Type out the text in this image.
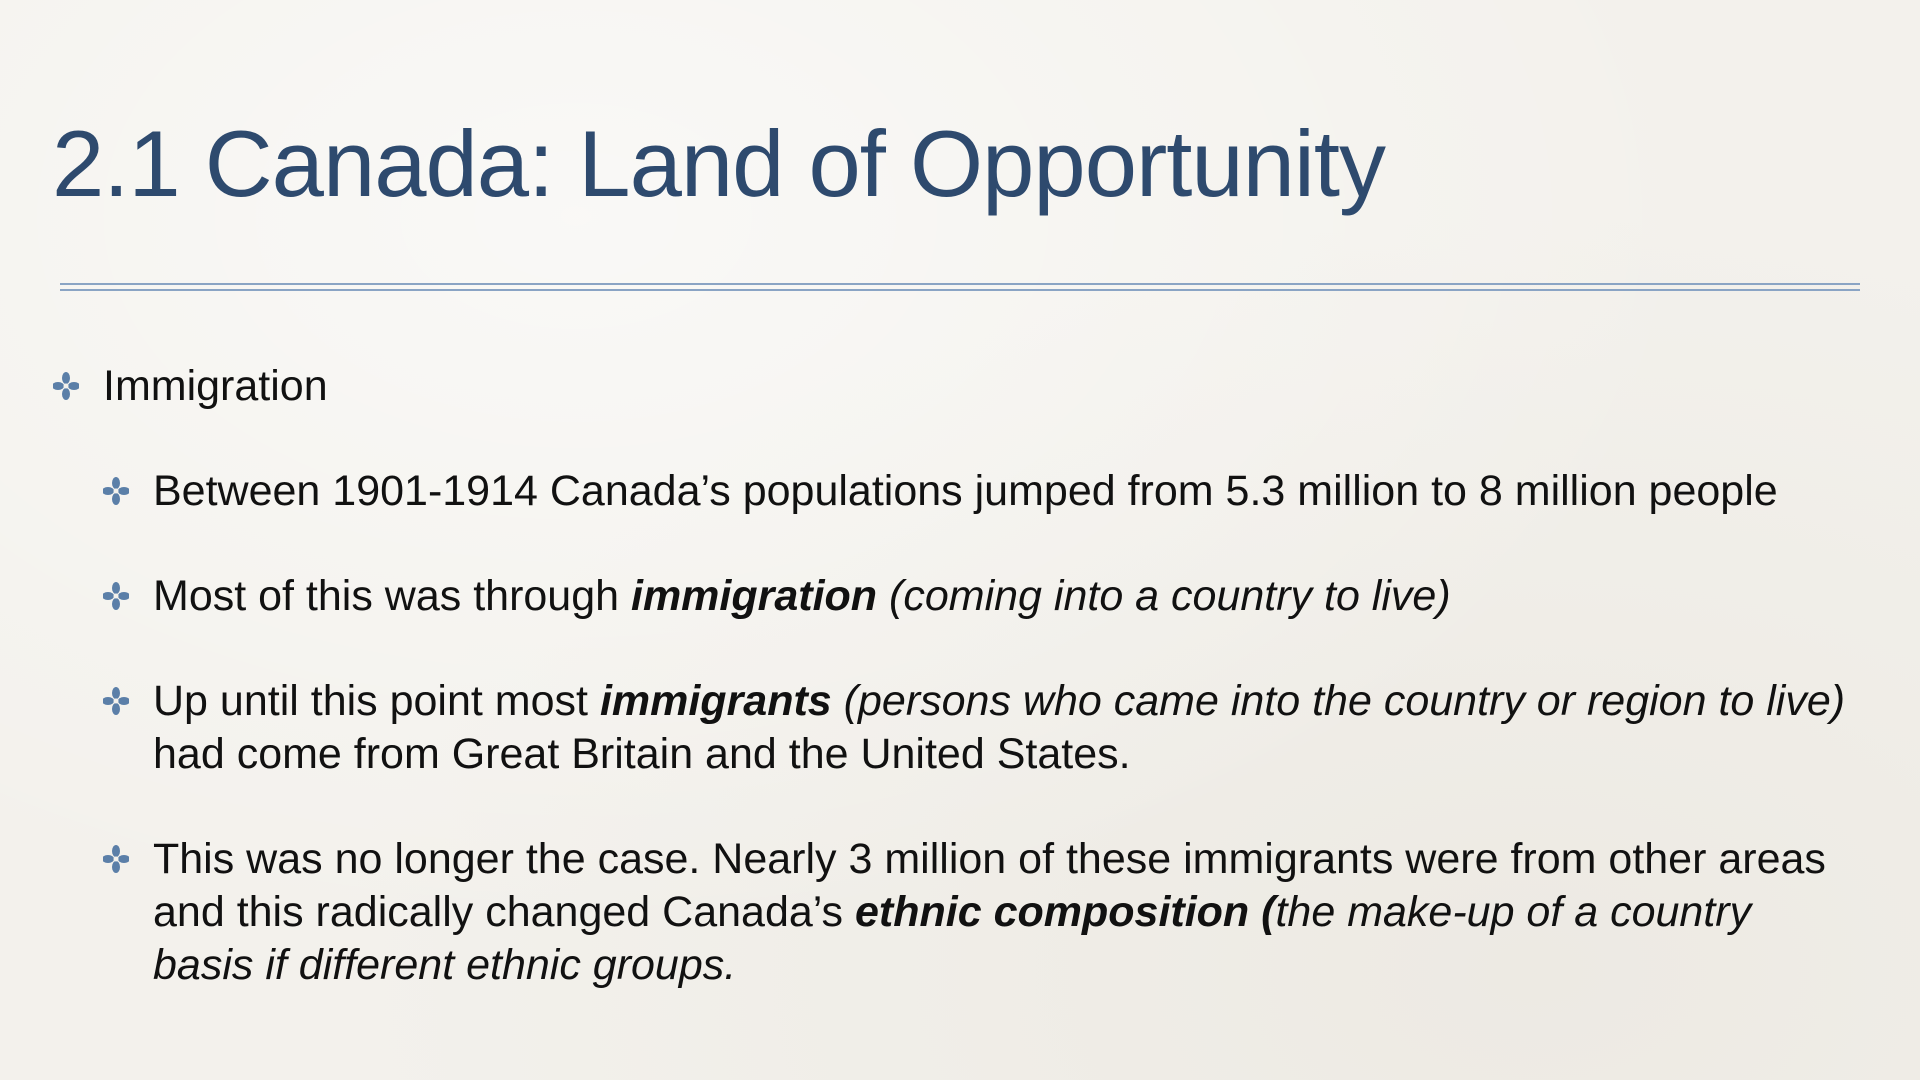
2.1 Canada: Land of Opportunity
Immigration
Between 1901-1914 Canada’s populations jumped from 5.3 million to 8 million people
Most of this was through immigration (coming into a country to live)
Up until this point most immigrants (persons who came into the country or region to live) had come from Great Britain and the United States.
This was no longer the case. Nearly 3 million of these immigrants were from other areas and this radically changed Canada’s ethnic composition (the make-up of a country basis if different ethnic groups.
